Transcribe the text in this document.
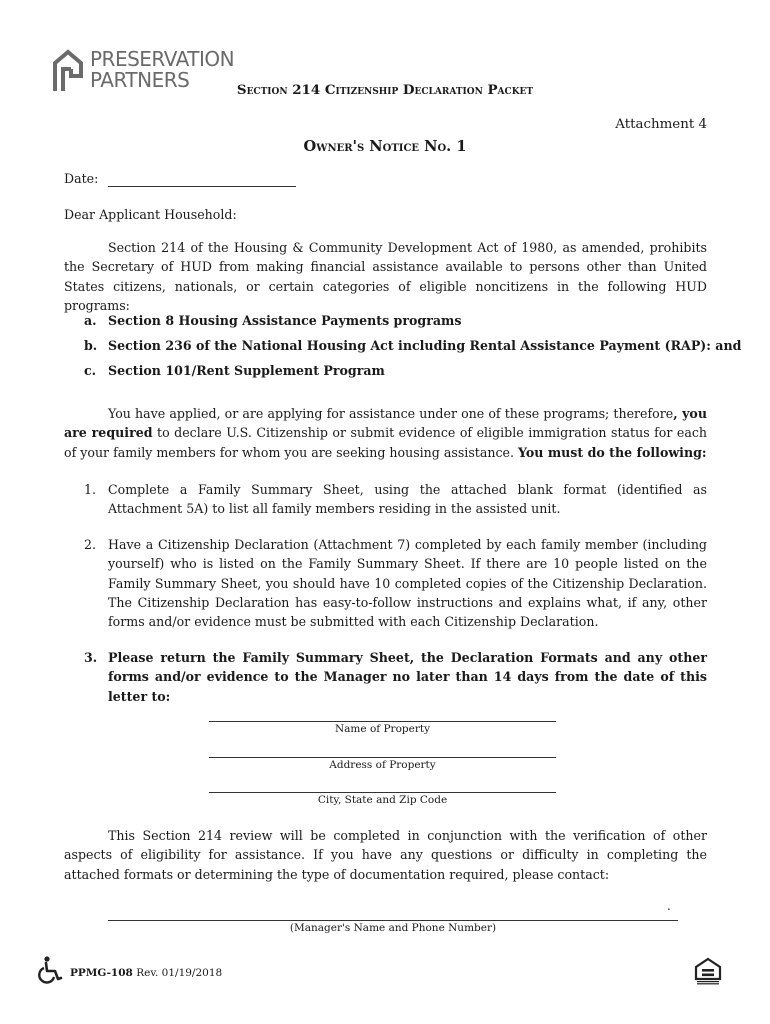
PRESERVATION
PARTNERS	Section 214 Citizenship Declaration Packet
Attachment 4
Owner's Notice No. 1
Date:
Dear Applicant Household:
Section 214 of the Housing & Community Development Act of 1980, as amended, prohibits the Secretary of HUD from making financial assistance available to persons other than United States citizens, nationals, or certain categories of eligible noncitizens in the following HUD programs:
a. Section 8 Housing Assistance Payments programs
b. Section 236 of the National Housing Act including Rental Assistance Payment (RAP): and
c. Section 101/Rent Supplement Program
You have applied, or are applying for assistance under one of these programs; therefore, you are required to declare U.S. Citizenship or submit evidence of eligible immigration status for each of your family members for whom you are seeking housing assistance. You must do the following:
1. Complete a Family Summary Sheet, using the attached blank format (identified as Attachment 5A) to list all family members residing in the assisted unit.
2. Have a Citizenship Declaration (Attachment 7) completed by each family member (including yourself) who is listed on the Family Summary Sheet. If there are 10 people listed on the Family Summary Sheet, you should have 10 completed copies of the Citizenship Declaration. The Citizenship Declaration has easy-to-follow instructions and explains what, if any, other forms and/or evidence must be submitted with each Citizenship Declaration.
3. Please return the Family Summary Sheet, the Declaration Formats and any other forms and/or evidence to the Manager no later than 14 days from the date of this letter to:
Name of Property
Address of Property
City, State and Zip Code
This Section 214 review will be completed in conjunction with the verification of other aspects of eligibility for assistance. If you have any questions or difficulty in completing the attached formats or determining the type of documentation required, please contact:
.
(Manager's Name and Phone Number)
PPMG-108 Rev. 01/19/2018
